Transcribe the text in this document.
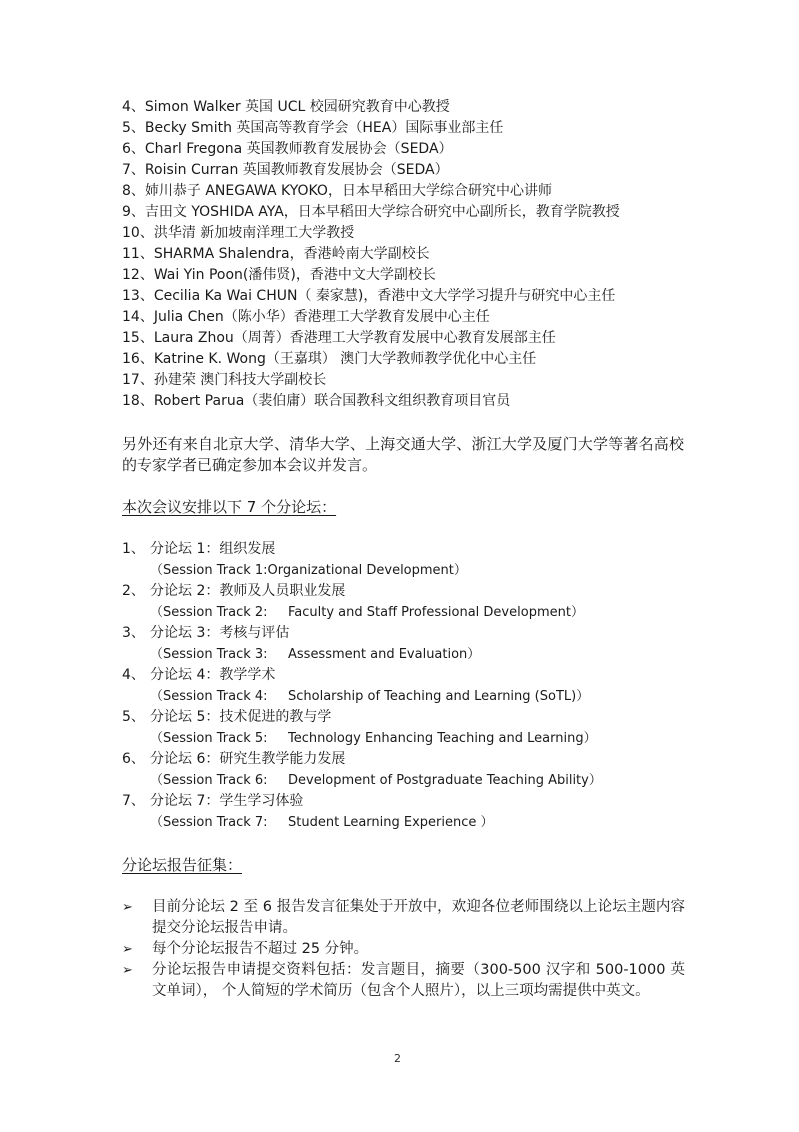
4、Simon Walker 英国 UCL 校园研究教育中心教授
5、Becky Smith 英国高等教育学会（HEA）国际事业部主任
6、Charl Fregona 英国教师教育发展协会（SEDA）
7、Roisin Curran 英国教师教育发展协会（SEDA）
8、姉川恭子 ANEGAWA KYOKO，日本早稻田大学综合研究中心讲师
9、吉田文 YOSHIDA AYA，日本早稻田大学综合研究中心副所长，教育学院教授
10、洪华清 新加坡南洋理工大学教授
11、SHARMA Shalendra，香港岭南大学副校长
12、Wai Yin Poon(潘伟贤)，香港中文大学副校长
13、Cecilia Ka Wai CHUN（ 秦家慧)，香港中文大学学习提升与研究中心主任
14、Julia Chen（陈小华）香港理工大学教育发展中心主任
15、Laura Zhou（周菁）香港理工大学教育发展中心教育发展部主任
16、Katrine K. Wong（王嘉琪） 澳门大学教师教学优化中心主任
17、孙建荣 澳门科技大学副校长
18、Robert Parua（裴伯庸）联合国教科文组织教育项目官员
另外还有来自北京大学、清华大学、上海交通大学、浙江大学及厦门大学等著名高校的专家学者已确定参加本会议并发言。
本次会议安排以下 7 个分论坛：
1、 分论坛 1：组织发展
（Session Track 1:Organizational Development）
2、 分论坛 2：教师及人员职业发展
（Session Track 2: Faculty and Staff Professional Development）
3、 分论坛 3：考核与评估
（Session Track 3: Assessment and Evaluation）
4、 分论坛 4：教学学术
（Session Track 4: Scholarship of Teaching and Learning (SoTL)）
5、 分论坛 5：技术促进的教与学
（Session Track 5: Technology Enhancing Teaching and Learning）
6、 分论坛 6：研究生教学能力发展
（Session Track 6: Development of Postgraduate Teaching Ability）
7、 分论坛 7：学生学习体验
（Session Track 7: Student Learning Experience ）
分论坛报告征集：
➢ 目前分论坛 2 至 6 报告发言征集处于开放中，欢迎各位老师围绕以上论坛主题内容提交分论坛报告申请。
➢ 每个分论坛报告不超过 25 分钟。
➢ 分论坛报告申请提交资料包括：发言题目，摘要（300-500 汉字和 500-1000 英文单词）， 个人简短的学术简历（包含个人照片），以上三项均需提供中英文。
2
